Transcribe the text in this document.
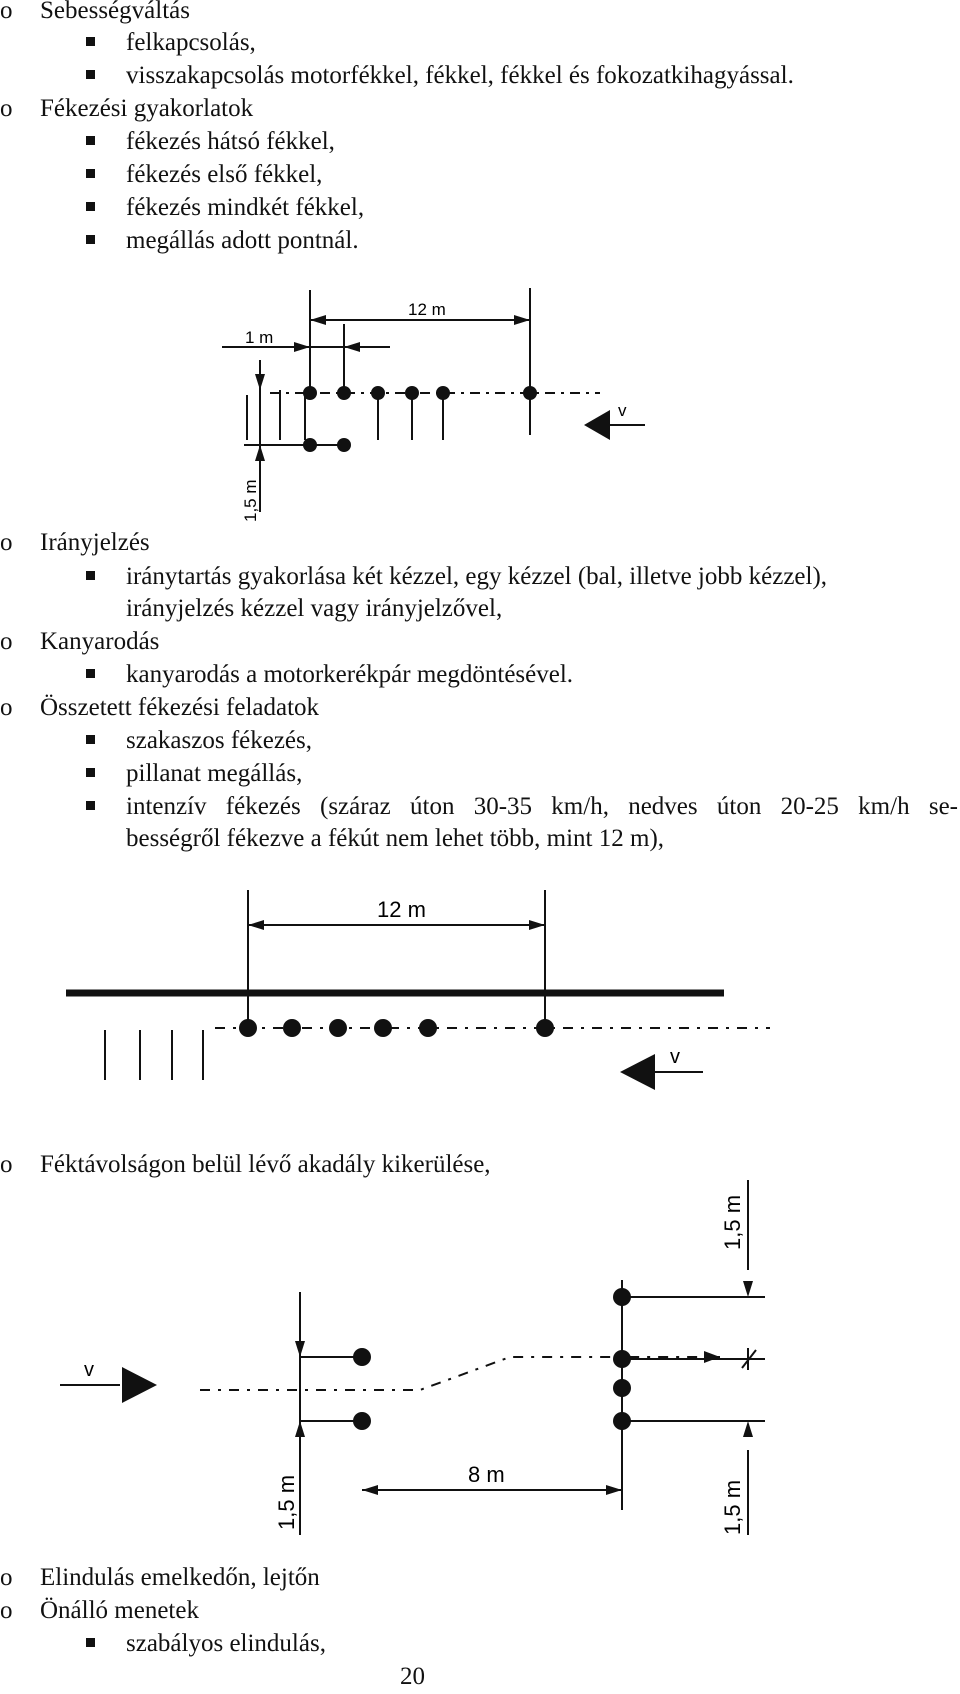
o Sebességváltás
felkapcsolás,
visszakapcsolás motorfékkel, fékkel, fékkel és fokozatkihagyással.
o Fékezési gyakorlatok
fékezés hátsó fékkel,
fékezés első fékkel,
fékezés mindkét fékkel,
megállás adott pontnál.
12 m
1 m
v
1,5 m
o Irányjelzés
iránytartás gyakorlása két kézzel, egy kézzel (bal, illetve jobb kézzel),
irányjelzés kézzel vagy irányjelzővel,
o Kanyarodás
kanyarodás a motorkerékpár megdöntésével.
o Összetett fékezési feladatok
szakaszos fékezés,
pillanat megállás,
intenzív fékezés (száraz úton 30-35 km/h, nedves úton 20-25 km/h se-
bességről fékezve a fékút nem lehet több, mint 12 m),
12 m
v
o Féktávolságon belül lévő akadály kikerülése,
v
8 m
1,5 m
1,5 m
1,5 m
o Elindulás emelkedőn, lejtőn
o Önálló menetek
szabályos elindulás,
20
